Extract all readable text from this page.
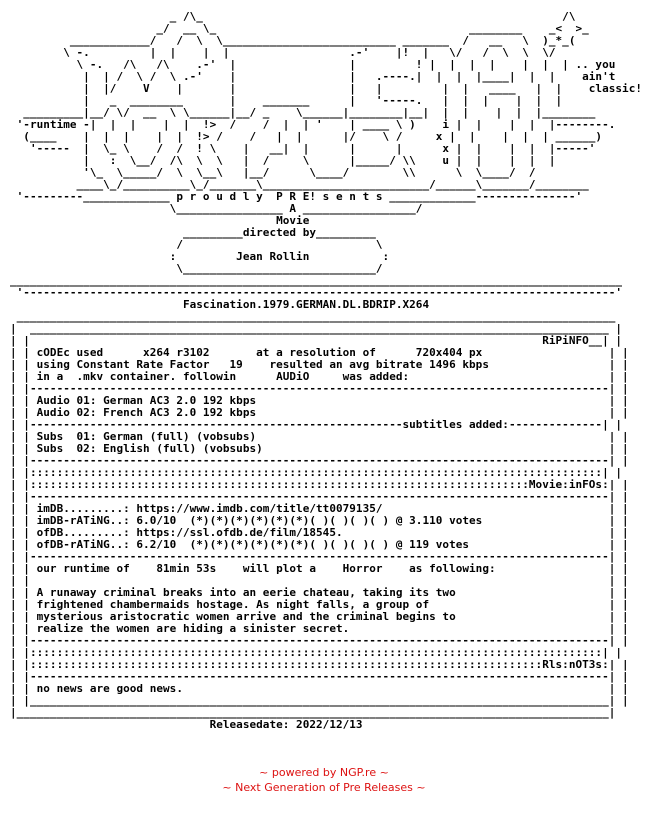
_ /\_                                                      /\
_/  __ \_                                      ________    _<  >_
____________/   /  \  \__________________________ _______  /   __   \  )_*_(
\ -.         |  |    |  |                  .-'    |!  |   \/   /  \  \  \/
\ -.   /\   /\    .-'  |                 |         ! |  |  |  |    |  |  | .. you
|  | /  \ /  \ .-'    |                 |   .----.|  |  |  |____|  |  |    ain't
|  |/    V    |       |                 |   |         |  |   ____   |  |    classic!
|   _  ________       |    _______      |   '-----.   |  |  |    |  |  |
_________|__/ \/  __  \ \______|__/ _    \______|________|__|  |  |    |  |  |________
'-runtime -|  |  |    |  |  !>  /    /  |  | '    | ____ \ )    i |  |    |  |  |--------.
(____    |  |  |    |  |  !> /    /   |  |      |/    \ /     x |  |    |  |  | ______)
'-----  |  \_ \    /  /  ! \    |   __|  |      |      |      x |  |    |  |  |-----'
|   :  \__/  /\  \  \   |  /     \      |_____/ \\    u |  |    |  |  |
'\_  \_____/  \  \__\   |__/      \____/        \\      \  \____/  /
____\_/__________\_/_______\_________________________/______\_______/________
'---------_____________ p r o u d l y  P R E! s e n t s _____________---------------'
\________________ A _________________/
Movie
_________directed by_________
/                             \
:         Jean Rollin           :
\_____________________________/
____________________________________________________________________________________________
'-----------------------------------------------------------------------------------------'
Fascination.1979.GERMAN.DL.BDRIP.X264
__________________________________________________________________________________________
|  _______________________________________________________________________________________ |
| |                                                                             RiPiNFO__| |
| | cODEc used      x264 r3102       at a resolution of      720x404 px                   | |
| | using Constant Rate Factor   19    resulted an avg bitrate 1496 kbps                  | |
| | in a  .mkv container. followin      AUDiO     was added:                              | |
| |---------------------------------------------------------------------------------------| |
| | Audio 01: German AC3 2.0 192 kbps                                                     | |
| | Audio 02: French AC3 2.0 192 kbps                                                     | |
| |--------------------------------------------------------subtitles added:--------------| |
| | Subs  01: German (full) (vobsubs)                                                     | |
| | Subs  02: English (full) (vobsubs)                                                    | |
| |---------------------------------------------------------------------------------------| |
| |::::::::::::::::::::::::::::::::::::::::::::::::::::::::::::::::::::::::::::::::::::::| |
| |:::::::::::::::::::::::::::::::::::::::::::::::::::::::::::::::::::::::::::Movie:inFOs:| |
| |---------------------------------------------------------------------------------------| |
| | imDB.........: https://www.imdb.com/title/tt0079135/                                  | |
| | imDB-rATiNG..: 6.0/10  (*)(*)(*)(*)(*)(*)( )( )( )( ) @ 3.110 votes                   | |
| | ofDB.........: https://ssl.ofdb.de/film/18545.                                        | |
| | ofDB-rATiNG..: 6.2/10  (*)(*)(*)(*)(*)(*)( )( )( )( ) @ 119 votes                     | |
| |---------------------------------------------------------------------------------------| |
| | our runtime of    81min 53s    will plot a    Horror    as following:                 | |
| |                                                                                       | |
| | A runaway criminal breaks into an eerie chateau, taking its two                       | |
| | frightened chambermaids hostage. As night falls, a group of                           | |
| | mysterious aristocratic women arrive and the criminal begins to                       | |
| | realize the women are hiding a sinister secret.                                       | |
| |---------------------------------------------------------------------------------------| |
| |::::::::::::::::::::::::::::::::::::::::::::::::::::::::::::::::::::::::::::::::::::::| |
| |:::::::::::::::::::::::::::::::::::::::::::::::::::::::::::::::::::::::::::::Rls:nOT3s:| |
| |---------------------------------------------------------------------------------------| |
| | no news are good news.                                                                | |
| |_______________________________________________________________________________________| |
|_________________________________________________________________________________________|
Releasedate: 2022/12/13
~ powered by NGP.re ~
~ Next Generation of Pre Releases ~
